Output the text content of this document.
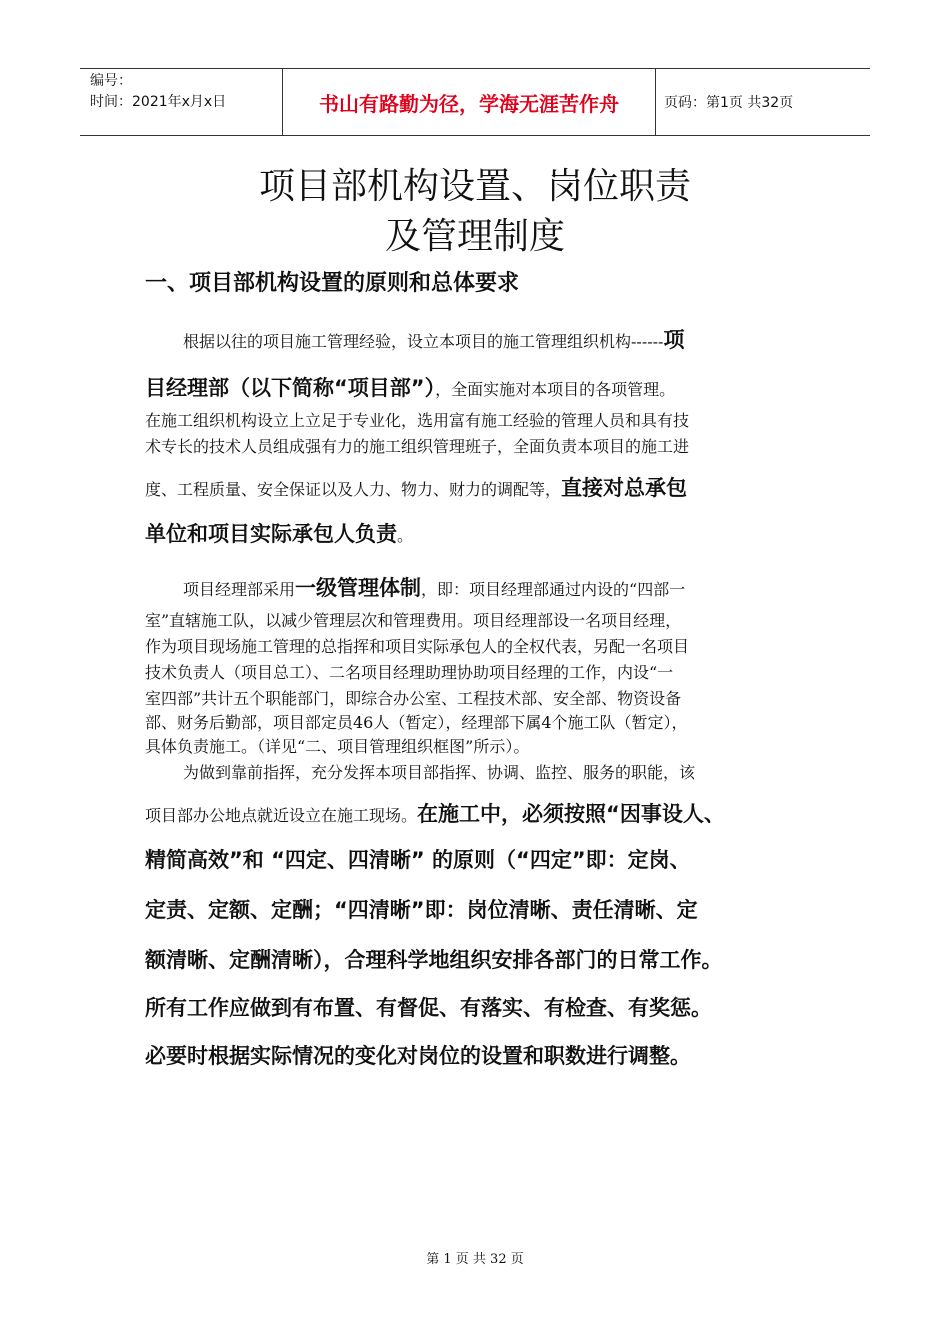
编号：
时间：2021年x月x日	书山有路勤为径，学海无涯苦作舟	页码：第1页 共32页
项目部机构设置、岗位职责
及管理制度
一、项目部机构设置的原则和总体要求
根据以往的项目施工管理经验，设立本项目的施工管理组织机构------项
目经理部（以下简称“项目部”），全面实施对本项目的各项管理。
在施工组织机构设立上立足于专业化，选用富有施工经验的管理人员和具有技
术专长的技术人员组成强有力的施工组织管理班子，全面负责本项目的施工进
度、工程质量、安全保证以及人力、物力、财力的调配等，直接对总承包
单位和项目实际承包人负责。
项目经理部采用一级管理体制，即：项目经理部通过内设的“四部一
室”直辖施工队，以减少管理层次和管理费用。项目经理部设一名项目经理，
作为项目现场施工管理的总指挥和项目实际承包人的全权代表，另配一名项目
技术负责人（项目总工）、二名项目经理助理协助项目经理的工作，内设“一
室四部”共计五个职能部门，即综合办公室、工程技术部、安全部、物资设备
部、财务后勤部，项目部定员46人（暂定），经理部下属4个施工队（暂定），
具体负责施工。（详见“二、项目管理组织框图”所示）。
为做到靠前指挥，充分发挥本项目部指挥、协调、监控、服务的职能，该
项目部办公地点就近设立在施工现场。在施工中，必须按照“因事设人、
精简高效”和 “四定、四清晰” 的原则（“四定”即：定岗、
定责、定额、定酬；“四清晰”即：岗位清晰、责任清晰、定
额清晰、定酬清晰），合理科学地组织安排各部门的日常工作。
所有工作应做到有布置、有督促、有落实、有检查、有奖惩。
必要时根据实际情况的变化对岗位的设置和职数进行调整。
第 1 页 共 32 页
